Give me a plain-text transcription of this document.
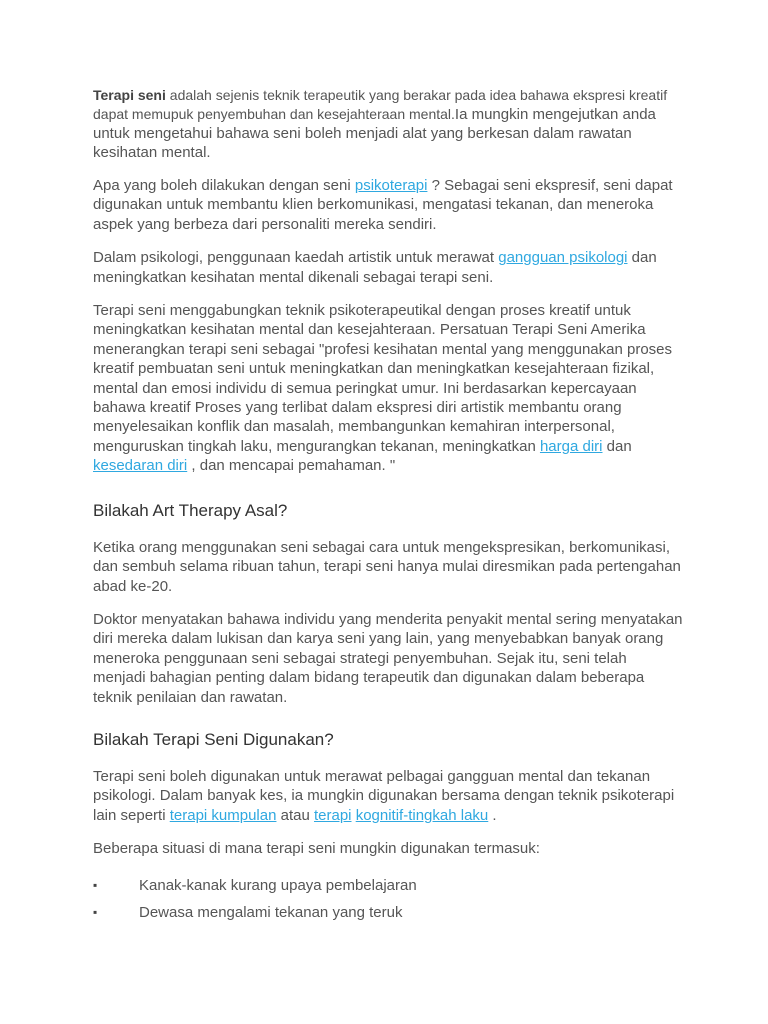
Terapi seni adalah sejenis teknik terapeutik yang berakar pada idea bahawa ekspresi kreatif dapat memupuk penyembuhan dan kesejahteraan mental.Ia mungkin mengejutkan anda untuk mengetahui bahawa seni boleh menjadi alat yang berkesan dalam rawatan kesihatan mental.

Apa yang boleh dilakukan dengan seni psikoterapi ? Sebagai seni ekspresif, seni dapat digunakan untuk membantu klien berkomunikasi, mengatasi tekanan, dan meneroka aspek yang berbeza dari personaliti mereka sendiri.

Dalam psikologi, penggunaan kaedah artistik untuk merawat gangguan psikologi dan meningkatkan kesihatan mental dikenali sebagai terapi seni.

Terapi seni menggabungkan teknik psikoterapeutikal dengan proses kreatif untuk meningkatkan kesihatan mental dan kesejahteraan. Persatuan Terapi Seni Amerika menerangkan terapi seni sebagai "profesi kesihatan mental yang menggunakan proses kreatif pembuatan seni untuk meningkatkan dan meningkatkan kesejahteraan fizikal, mental dan emosi individu di semua peringkat umur. Ini berdasarkan kepercayaan bahawa kreatif Proses yang terlibat dalam ekspresi diri artistik membantu orang menyelesaikan konflik dan masalah, membangunkan kemahiran interpersonal, menguruskan tingkah laku, mengurangkan tekanan, meningkatkan harga diri dan kesedaran diri , dan mencapai pemahaman. "

Bilakah Art Therapy Asal?

Ketika orang menggunakan seni sebagai cara untuk mengekspresikan, berkomunikasi, dan sembuh selama ribuan tahun, terapi seni hanya mulai diresmikan pada pertengahan abad ke-20.

Doktor menyatakan bahawa individu yang menderita penyakit mental sering menyatakan diri mereka dalam lukisan dan karya seni yang lain, yang menyebabkan banyak orang meneroka penggunaan seni sebagai strategi penyembuhan. Sejak itu, seni telah menjadi bahagian penting dalam bidang terapeutik dan digunakan dalam beberapa teknik penilaian dan rawatan.

Bilakah Terapi Seni Digunakan?

Terapi seni boleh digunakan untuk merawat pelbagai gangguan mental dan tekanan psikologi. Dalam banyak kes, ia mungkin digunakan bersama dengan teknik psikoterapi lain seperti terapi kumpulan atau terapi kognitif-tingkah laku .

Beberapa situasi di mana terapi seni mungkin digunakan termasuk:

▪	Kanak-kanak kurang upaya pembelajaran
▪	Dewasa mengalami tekanan yang teruk
